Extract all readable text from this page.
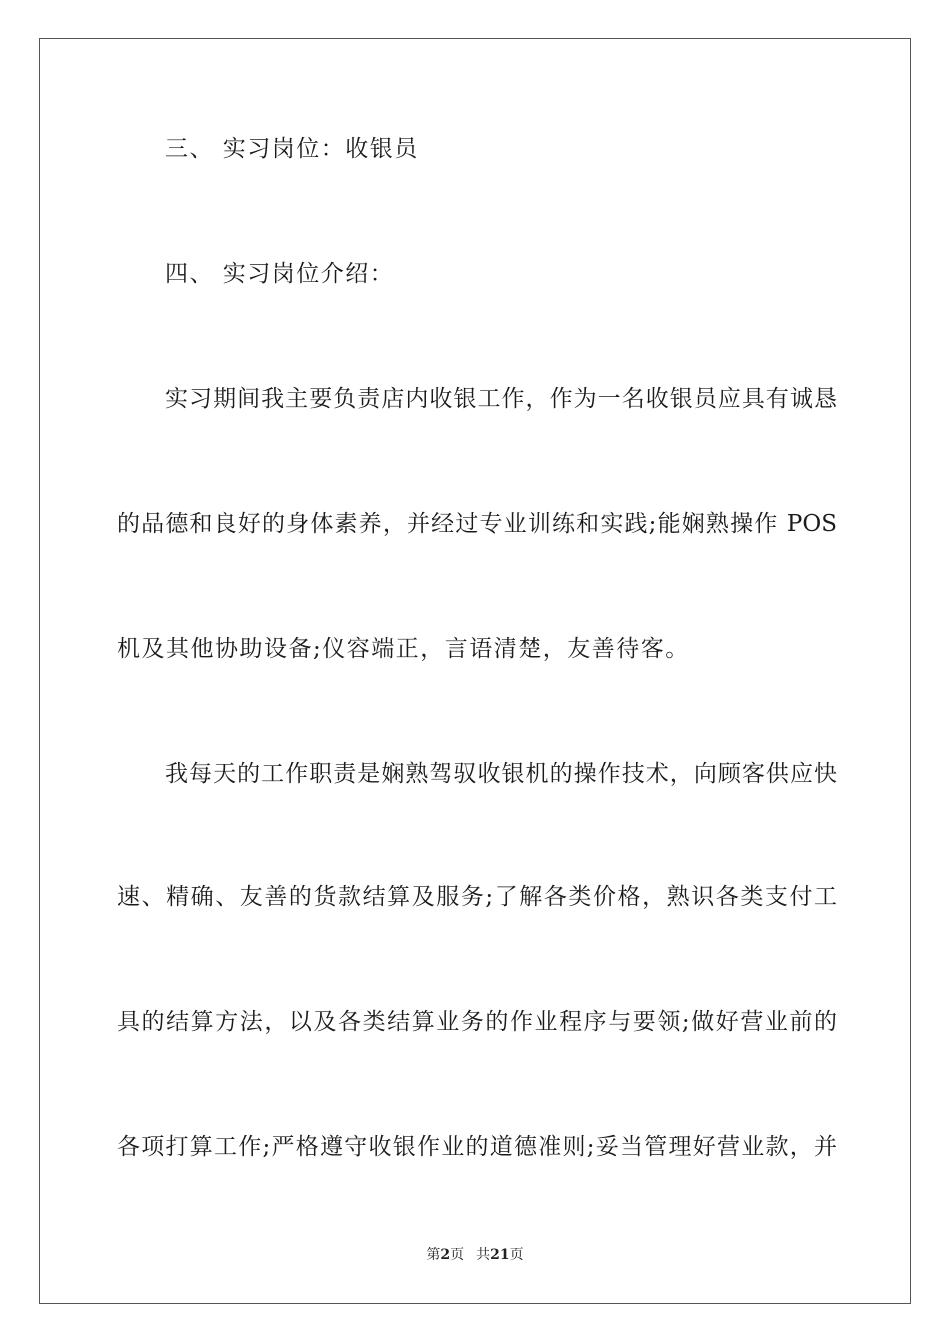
三、 实习岗位：收银员
四、 实习岗位介绍：
实习期间我主要负责店内收银工作，作为一名收银员应具有诚恳
的品德和良好的身体素养，并经过专业训练和实践;能娴熟操作 POS
机及其他协助设备;仪容端正，言语清楚，友善待客。
我每天的工作职责是娴熟驾驭收银机的操作技术，向顾客供应快
速、精确、友善的货款结算及服务;了解各类价格，熟识各类支付工
具的结算方法，以及各类结算业务的作业程序与要领;做好营业前的
各项打算工作;严格遵守收银作业的道德准则;妥当管理好营业款，并
第2页 共21页
